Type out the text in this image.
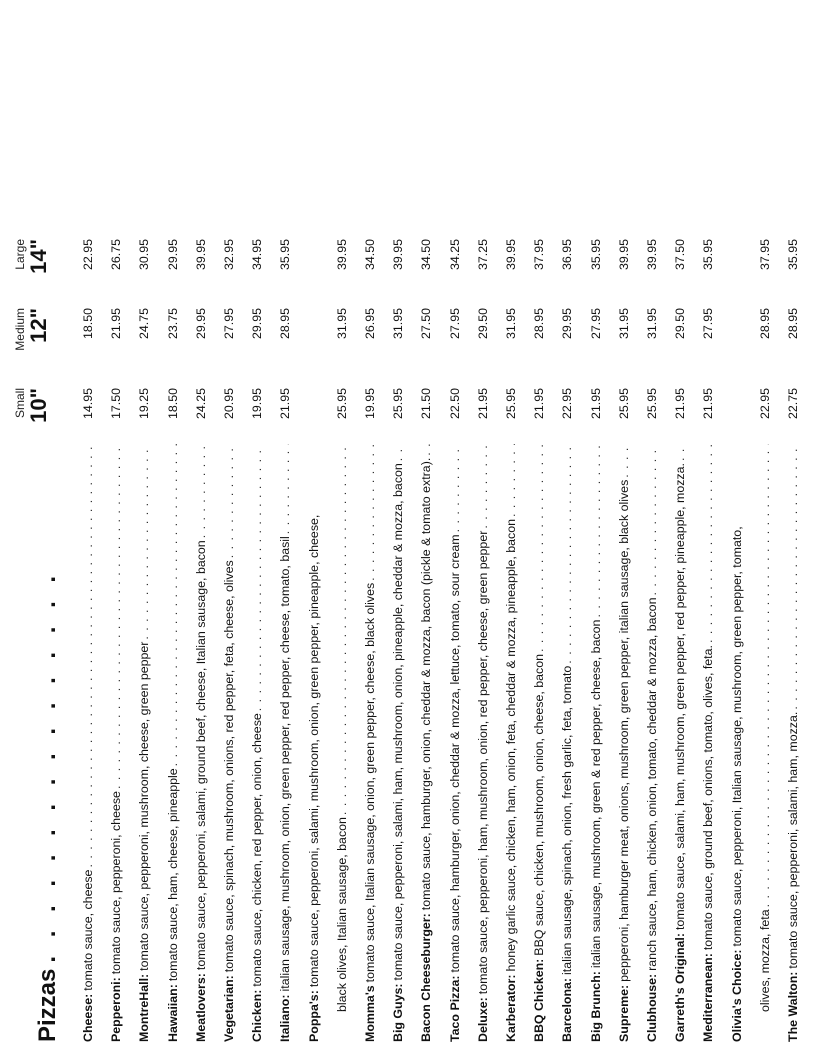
Small 10"
Medium 12"
Large 14"
Pizzas
. . . Cheese:
tomato sauce, cheese
. . .
14.95
18.50
22.95
Pepperoni:
tomato sauce, pepperoni, cheese
. . .
17.50
21.95
26.75
MontreHall:
tomato sauce, pepperoni, mushroom, cheese, green pepper
. . .
19.25
24.75
30.95
Hawaiian:
tomato sauce, ham, cheese, pineapple
. . .
18.50
23.75
29.95
Meatlovers:
tomato sauce, pepperoni, salami, ground beef, cheese, Italian sausage, bacon
. . .
24.25
29.95
39.95
Vegetarian:
tomato sauce, spinach, mushroom, onions, red pepper, feta, cheese, olives
. . .
20.95
27.95
32.95
Chicken:
tomato sauce, chicken, red pepper, onion, cheese
. . .
19.95
29.95
34.95
Italiano:
italian sausage, mushroom, onion, green pepper, red pepper, cheese, tomato, basil
. . .
21.95
28.95
35.95
Poppa's:
tomato sauce, pepperoni, salami, mushroom, onion, green pepper, pineapple, cheese, black olives, Italian sausage, bacon
. . .
25.95
31.95
39.95
Momma's
tomato sauce, Italian sausage, onion, green pepper, cheese, black olives
. . .
19.95
26.95
34.50
Big Guys:
tomato sauce, pepperoni, salami, ham, mushroom, onion, pineapple, cheddar & mozza, bacon
. . .
25.95
31.95
39.95
Bacon Cheeseburger:
tomato sauce, hamburger, onion, cheddar & mozza, bacon (pickle & tomato extra).
. . .
21.50
27.50
34.50
Taco Pizza:
tomato sauce, hamburger, onion, cheddar & mozza, lettuce, tomato, sour cream
. . .
22.50
27.95
34.25
Deluxe:
tomato sauce, pepperoni, ham, mushroom, onion, red pepper, cheese, green pepper
. . .
21.95
29.50
37.25
Karberator:
honey garlic sauce, chicken, ham, onion, feta, cheddar & mozza, pineapple, bacon
. . .
25.95
31.95
39.95
BBQ Chicken:
BBQ sauce, chicken, mushroom, onion, cheese, bacon
. . .
21.95
28.95
37.95
Barcelona:
italian sausage, spinach, onion, fresh garlic, feta, tomato
. . .
22.95
29.95
36.95
Big Brunch:
italian sausage, mushroom, green & red pepper, cheese, bacon
. . .
21.95
27.95
35.95
Supreme:
pepperoni, hamburger meat, onions, mushroom, green pepper, italian sausage, black olives
. . .
25.95
31.95
39.95
Clubhouse:
ranch sauce, ham, chicken, onion, tomato, cheddar & mozza, bacon
. . .
25.95
31.95
39.95
Garreth's Original:
tomato sauce, salami, ham, mushroom, green pepper, red pepper, pineapple, mozza.
. . .
21.95
29.50
37.50
Mediterranean:
tomato sauce, ground beef, onions, tomato, olives, feta.
. . .
21.95
27.95
35.95
Olivia's Choice:
tomato sauce, pepperoni, Italian sausage, mushroom, green pepper, tomato,
olives, mozza, feta
. . .
22.95
28.95
37.95
The Walton:
tomato sauce, pepperoni, salami, ham, mozza.
. . .
22.75
28.95
35.95
